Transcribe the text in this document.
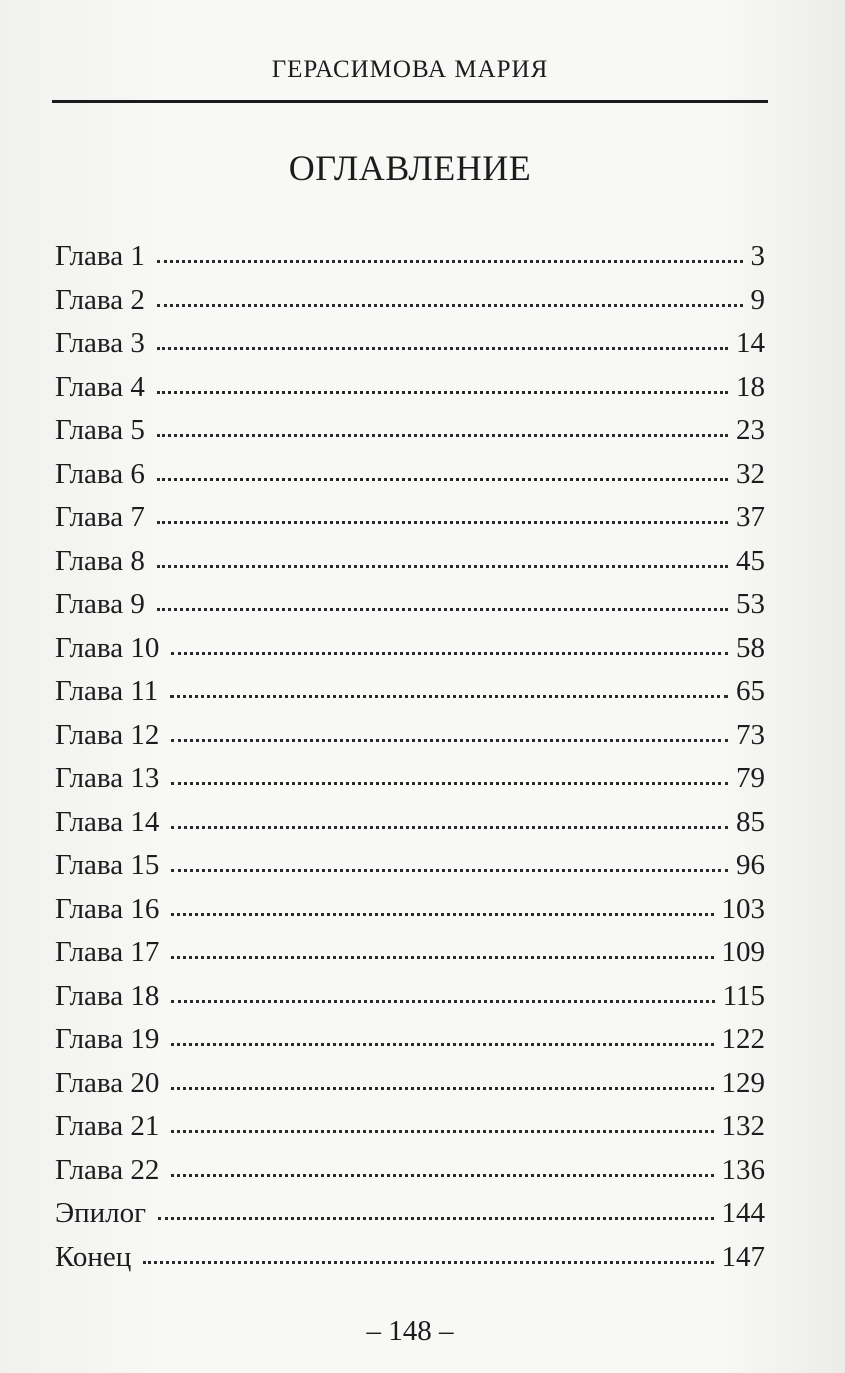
ГЕРАСИМОВА МАРИЯ
ОГЛАВЛЕНИЕ
Глава 1	3
Глава 2	9
Глава 3	14
Глава 4	18
Глава 5	23
Глава 6	32
Глава 7	37
Глава 8	45
Глава 9	53
Глава 10	58
Глава 11	65
Глава 12	73
Глава 13	79
Глава 14	85
Глава 15	96
Глава 16	103
Глава 17	109
Глава 18	115
Глава 19	122
Глава 20	129
Глава 21	132
Глава 22	136
Эпилог	144
Конец	147
– 148 –
